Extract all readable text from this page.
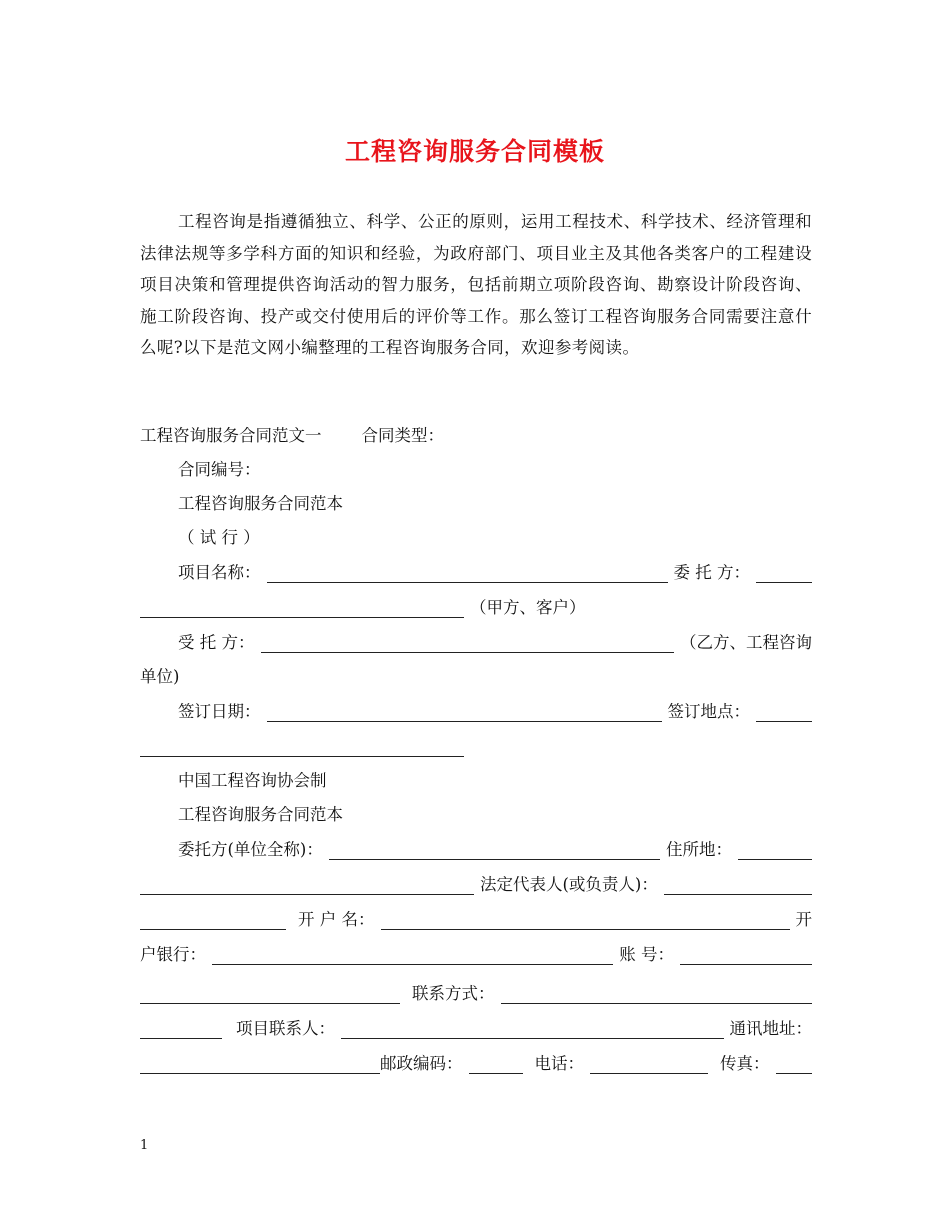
工程咨询服务合同模板

工程咨询是指遵循独立、科学、公正的原则，运用工程技术、科学技术、经济管理和法律法规等多学科方面的知识和经验，为政府部门、项目业主及其他各类客户的工程建设项目决策和管理提供咨询活动的智力服务，包括前期立项阶段咨询、勘察设计阶段咨询、施工阶段咨询、投产或交付使用后的评价等工作。那么签订工程咨询服务合同需要注意什么呢?以下是范文网小编整理的工程咨询服务合同，欢迎参考阅读。

工程咨询服务合同范文一 合同类型：
合同编号：
工程咨询服务合同范本
（ 试 行 ）
项目名称：	委 托 方：
（甲方、客户）
受 托 方：	（乙方、工程咨询
单位)
签订日期：	签订地点：
中国工程咨询协会制
工程咨询服务合同范本
委托方(单位全称)：	住所地：
法定代表人(或负责人)：
开 户 名：	开
户银行：	账 号：
联系方式：
项目联系人：	通讯地址：
邮政编码：	电话：	传真：
1
